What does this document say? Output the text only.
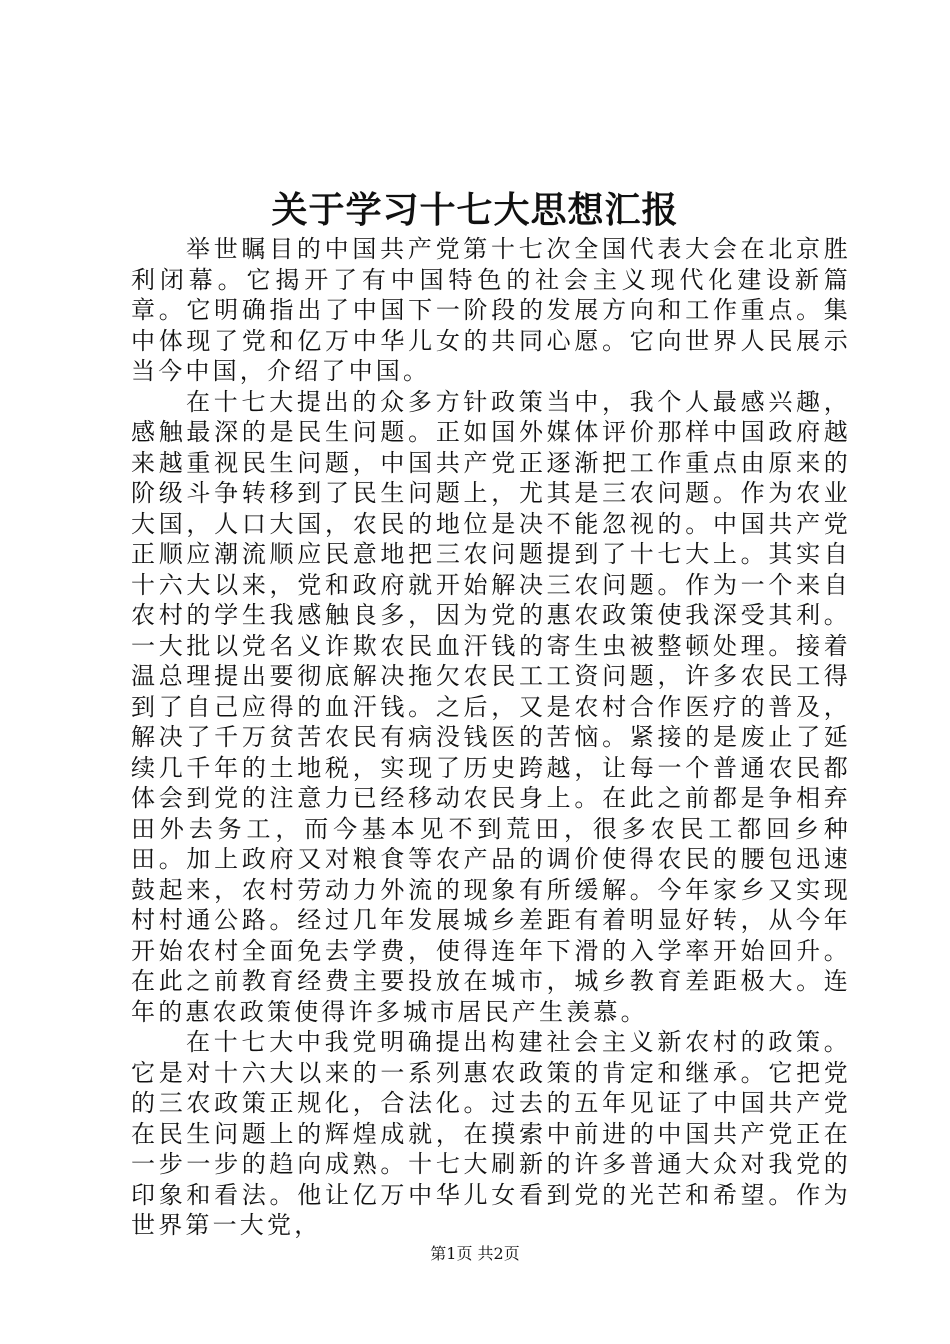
关于学习十七大思想汇报

举世瞩目的中国共产党第十七次全国代表大会在北京胜利闭幕。它揭开了有中国特色的社会主义现代化建设新篇章。它明确指出了中国下一阶段的发展方向和工作重点。集中体现了党和亿万中华儿女的共同心愿。它向世界人民展示当今中国，介绍了中国。

在十七大提出的众多方针政策当中，我个人最感兴趣，感触最深的是民生问题。正如国外媒体评价那样中国政府越来越重视民生问题，中国共产党正逐渐把工作重点由原来的阶级斗争转移到了民生问题上，尤其是三农问题。作为农业大国，人口大国，农民的地位是决不能忽视的。中国共产党正顺应潮流顺应民意地把三农问题提到了十七大上。其实自十六大以来，党和政府就开始解决三农问题。作为一个来自农村的学生我感触良多，因为党的惠农政策使我深受其利。一大批以党名义诈欺农民血汗钱的寄生虫被整顿处理。接着温总理提出要彻底解决拖欠农民工工资问题，许多农民工得到了自己应得的血汗钱。之后，又是农村合作医疗的普及，解决了千万贫苦农民有病没钱医的苦恼。紧接的是废止了延续几千年的土地税，实现了历史跨越，让每一个普通农民都体会到党的注意力已经移动农民身上。在此之前都是争相弃田外去务工，而今基本见不到荒田，很多农民工都回乡种田。加上政府又对粮食等农产品的调价使得农民的腰包迅速鼓起来，农村劳动力外流的现象有所缓解。今年家乡又实现村村通公路。经过几年发展城乡差距有着明显好转，从今年开始农村全面免去学费，使得连年下滑的入学率开始回升。在此之前教育经费主要投放在城市，城乡教育差距极大。连年的惠农政策使得许多城市居民产生羡慕。

在十七大中我党明确提出构建社会主义新农村的政策。它是对十六大以来的一系列惠农政策的肯定和继承。它把党的三农政策正规化，合法化。过去的五年见证了中国共产党在民生问题上的辉煌成就，在摸索中前进的中国共产党正在一步一步的趋向成熟。十七大刷新的许多普通大众对我党的印象和看法。他让亿万中华儿女看到党的光芒和希望。作为世界第一大党，

第1页 共2页
